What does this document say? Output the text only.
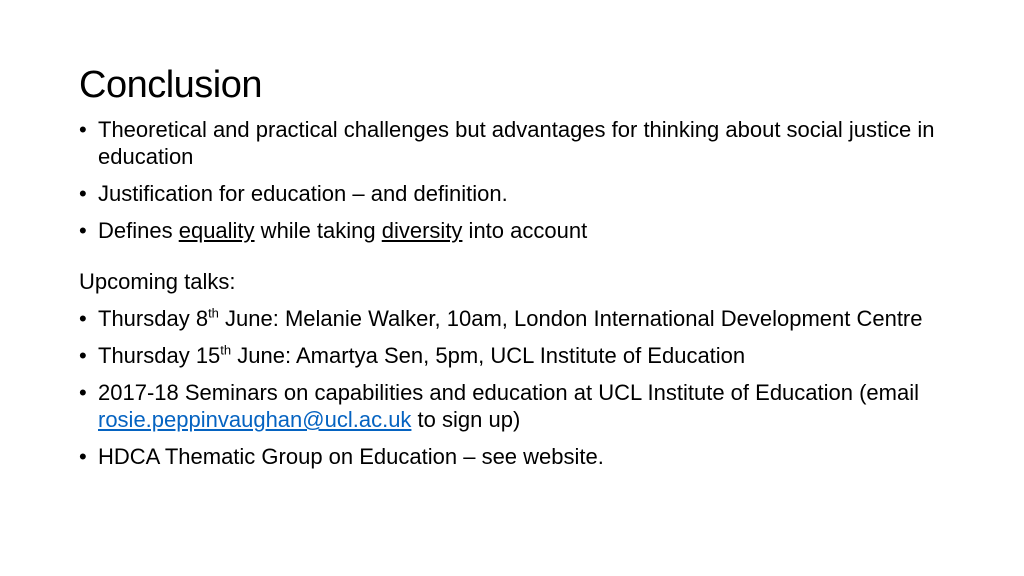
Conclusion
• Theoretical and practical challenges but advantages for thinking about social justice in education
• Justification for education – and definition.
• Defines equality while taking diversity into account
Upcoming talks:
• Thursday 8th June: Melanie Walker, 10am, London International Development Centre
• Thursday 15th June: Amartya Sen, 5pm, UCL Institute of Education
• 2017-18 Seminars on capabilities and education at UCL Institute of Education (email rosie.peppinvaughan@ucl.ac.uk to sign up)
• HDCA Thematic Group on Education – see website.
